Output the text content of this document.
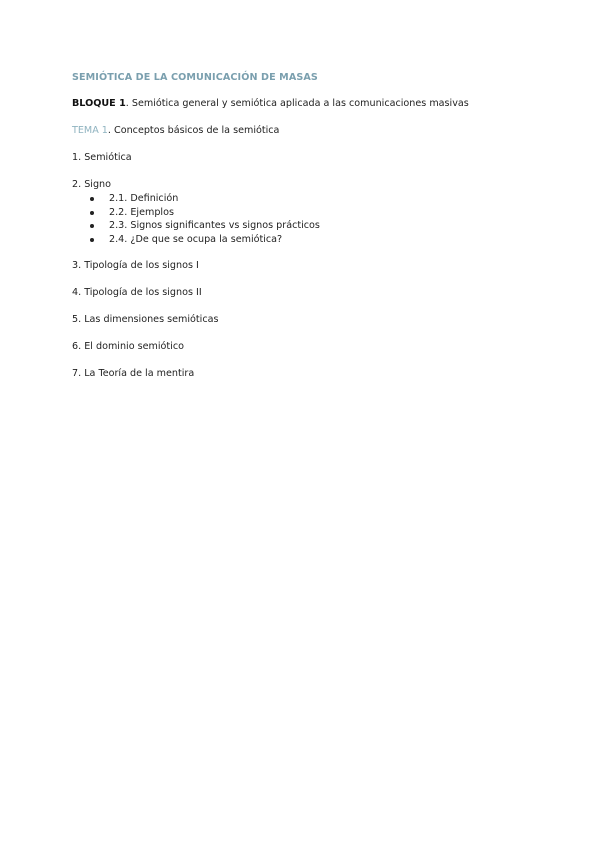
SEMIÓTICA DE LA COMUNICACIÓN DE MASAS
BLOQUE 1. Semiótica general y semiótica aplicada a las comunicaciones masivas
TEMA 1. Conceptos básicos de la semiótica
1. Semiótica
2. Signo
2.1. Definición
2.2. Ejemplos
2.3. Signos significantes vs signos prácticos
2.4. ¿De que se ocupa la semiótica?
3. Tipología de los signos I
4. Tipología de los signos II
5. Las dimensiones semióticas
6. El dominio semiótico
7. La Teoría de la mentira
